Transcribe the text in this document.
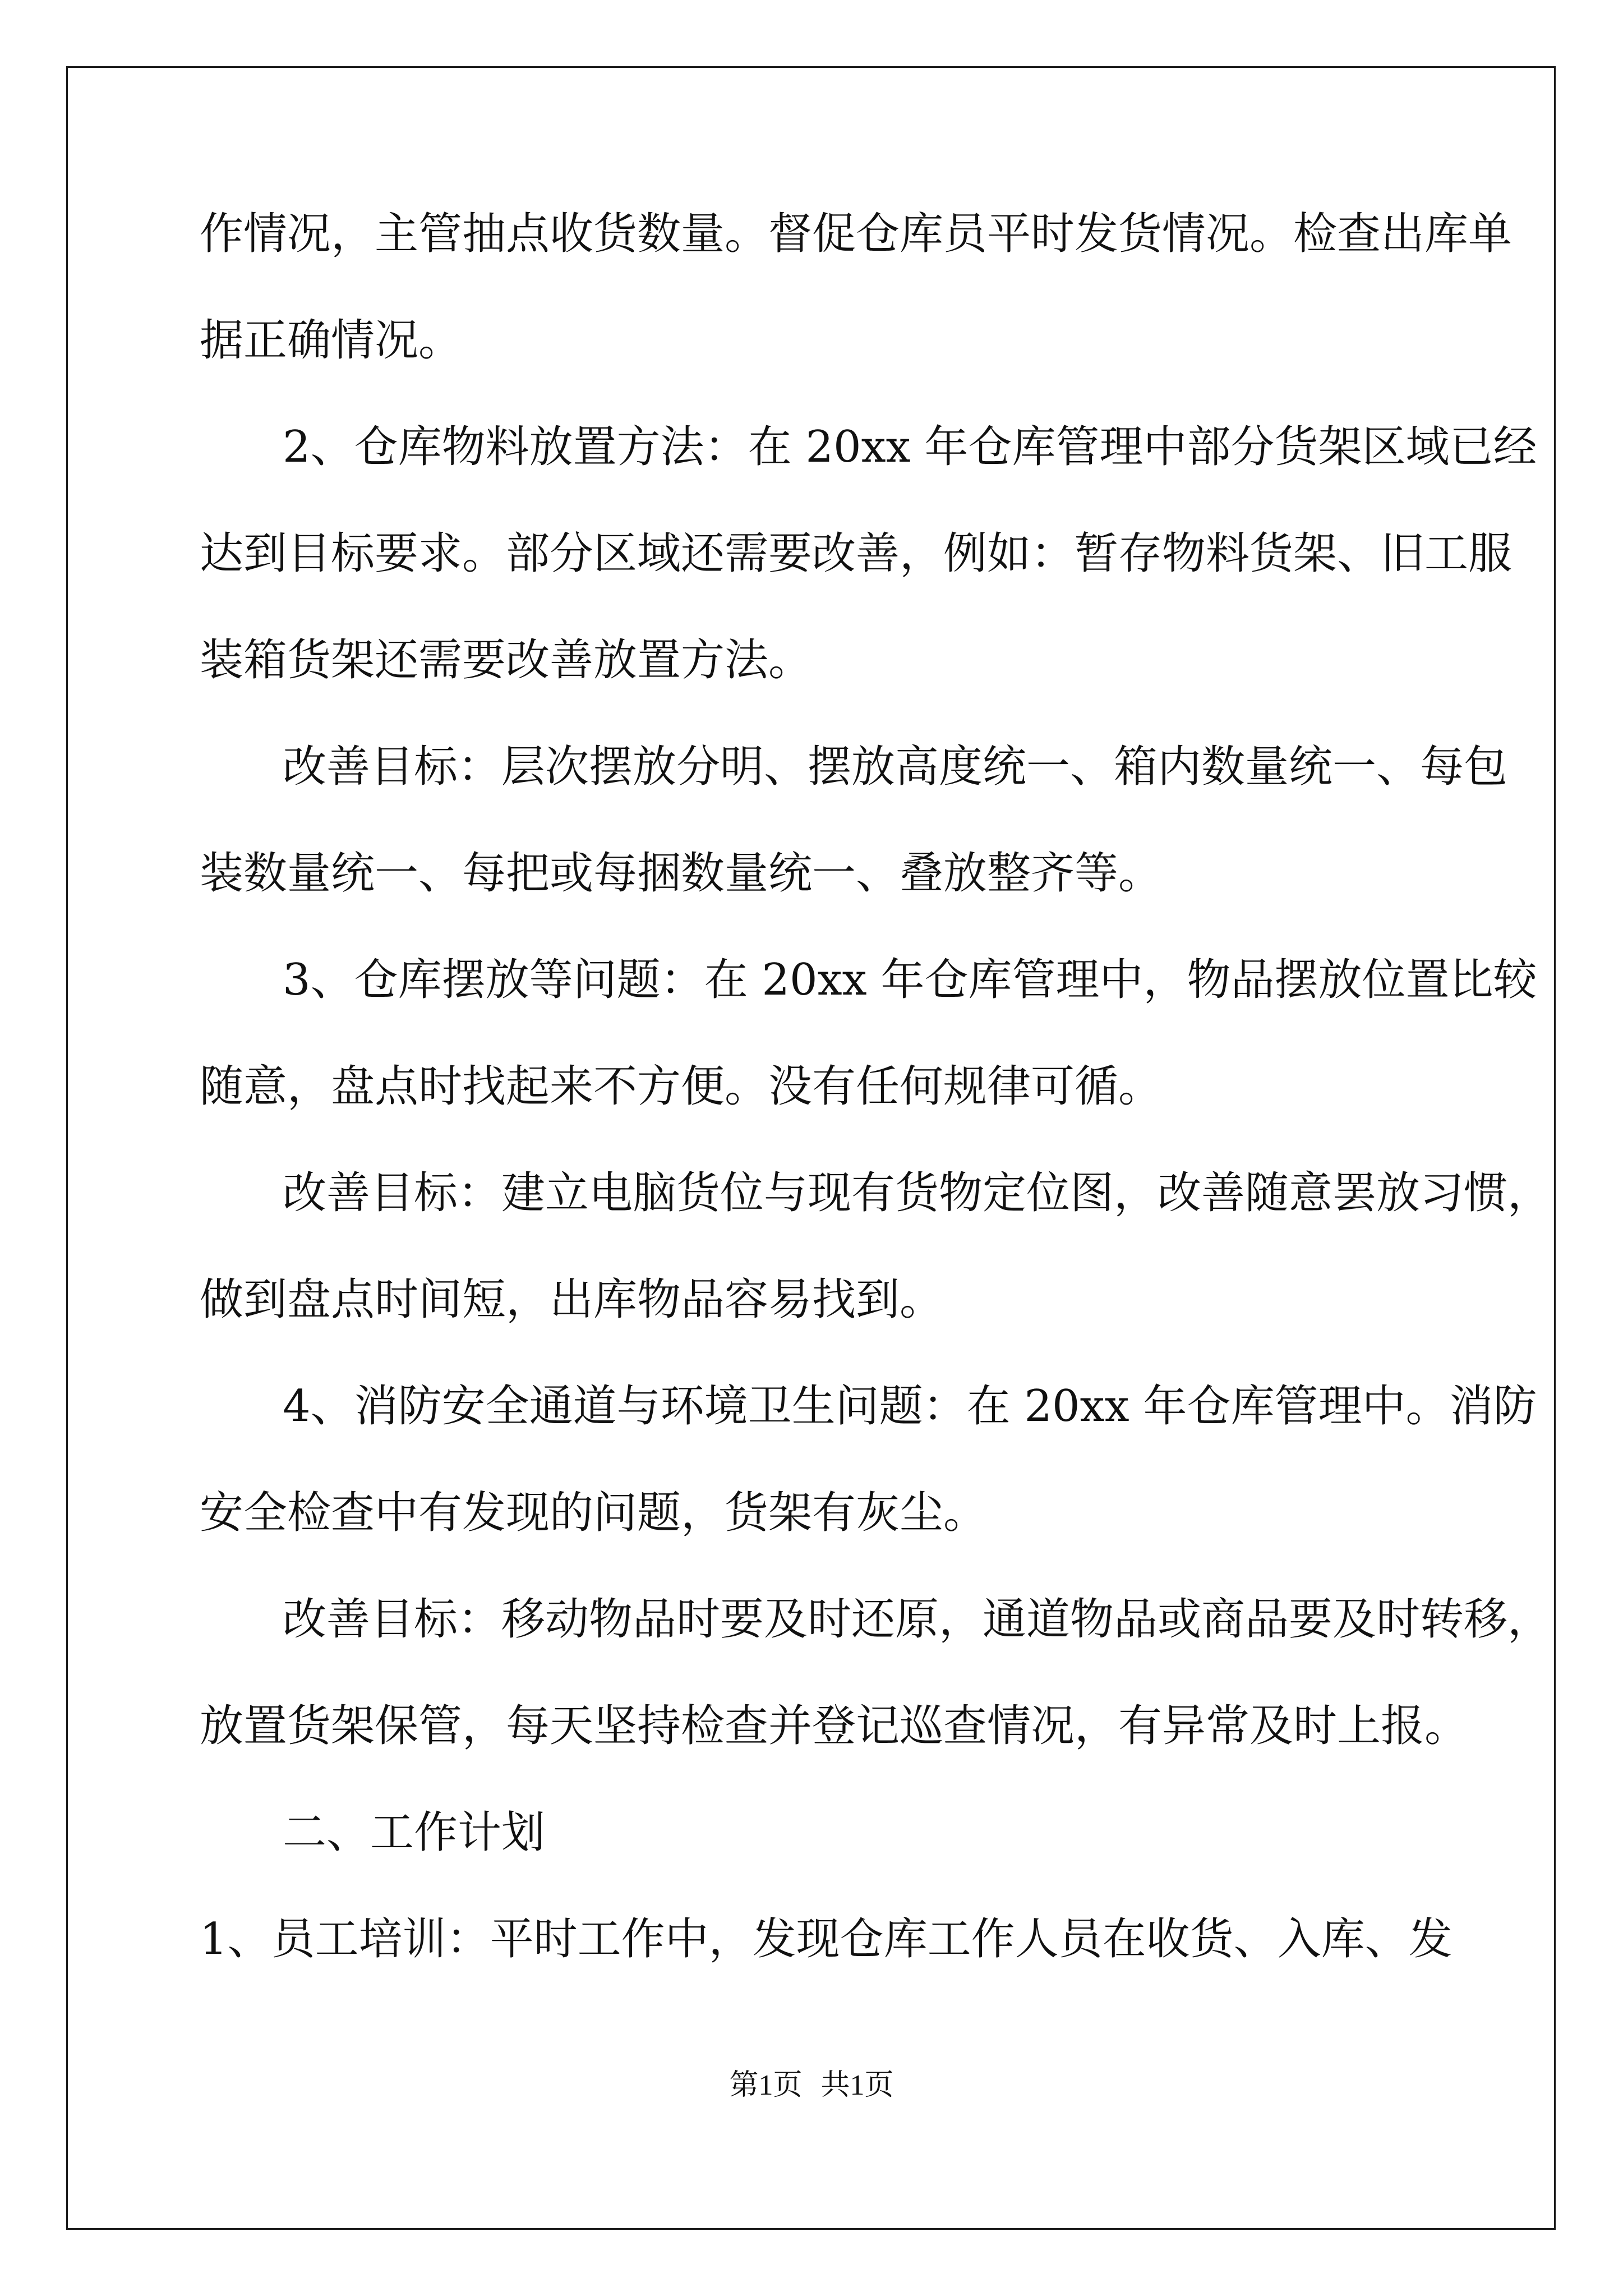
作情况，主管抽点收货数量。督促仓库员平时发货情况。检查出库单
据正确情况。
2、仓库物料放置方法：在 20xx 年仓库管理中部分货架区域已经
达到目标要求。部分区域还需要改善，例如：暂存物料货架、旧工服
装箱货架还需要改善放置方法。
改善目标：层次摆放分明、摆放高度统一、箱内数量统一、每包
装数量统一、每把或每捆数量统一、叠放整齐等。
3、仓库摆放等问题：在 20xx 年仓库管理中，物品摆放位置比较
随意，盘点时找起来不方便。没有任何规律可循。
改善目标：建立电脑货位与现有货物定位图，改善随意罢放习惯，
做到盘点时间短，出库物品容易找到。
4、消防安全通道与环境卫生问题：在 20xx 年仓库管理中。消防
安全检查中有发现的问题，货架有灰尘。
改善目标：移动物品时要及时还原，通道物品或商品要及时转移，
放置货架保管，每天坚持检查并登记巡查情况，有异常及时上报。
二、工作计划
1、员工培训：平时工作中，发现仓库工作人员在收货、入库、发
第1页 共1页
